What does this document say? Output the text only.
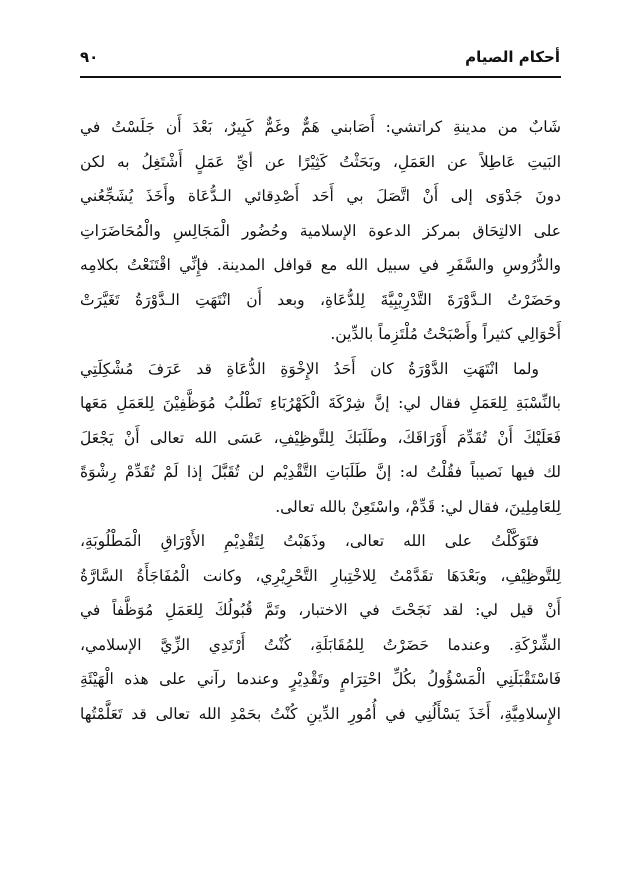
أحكام الصيام
٩٠
شَابٌ من مدينةِ كراتشي: أَصَابني هَمٌّ وغَمٌّ كَبِيرٌ، بَعْدَ أَن جَلَسْتُ في
البَيتِ عَاطِلاً عن العَمَلِ، وبَحَثْتُ كَثِيْرًا عن أيِّ عَمَلٍ أَشْتَغِلُ به لكن
دونَ جَدْوَى إلى أَنْ اتَّصَلَ بي أَحَد أَصْدِقائي الـدُّعَاة وأَخَذَ يُشَجِّعُني
على الالتِحَاق بمركز الدعوة الإسلامية وحُضُور الْمَجَالِسِ والْمُحَاضَرَاتِ
والدُّرُوسِ والسَّفَرِ في سبيل الله مع قوافل المدينة. فإِنِّي اقْتَنَعْتُ بكلامِه
وحَضَرْتُ الـدَّوْرَةَ التَّدْرِيْبِيَّةَ لِلدُّعَاةِ، وبعد أَن انْتَهَتِ الـدَّوْرَةُ تَغَيَّرَتْ
أَحْوَالِي كثيراً وأَصْبَحْتُ مُلْتَزِماً بالدِّين.
ولما انْتَهَتِ الدَّوْرَةُ كان أَحَدُ الإِخْوَةِ الدُّعَاةِ قد عَرَفَ مُشْكِلَتِي
بالنِّسْبَةِ لِلعَمَلِ فقال لي: إنَّ شِرْكَةَ الْكَهْرُبَاءِ تَطْلُبُ مُوَظَّفِيْنَ لِلعَمَلِ مَعَها
فَعَلَيْكَ أَنْ تُقَدِّمَ أَوْرَاقَكَ، وطَلَبَكَ لِلتَّوظِيْفِ، عَسَى الله تعالى أَنْ يَجْعَلَ
لك فيها نَصيباً فقُلْتُ له: إنَّ طَلَبَاتِ التَّقْدِيْم لن تُقَبَّلَ إذا لَمْ تُقَدِّمْ رِشْوَةً
لِلعَامِلِينَ، فقال لي: قَدِّمْ، واسْتَعِنْ بالله تعالى.
فتَوَكَّلْتُ على الله تعالى، وذَهَبْتُ لِتَقْدِيْمِ الأَوْرَاقِ الْمَطْلُوبَةِ،
لِلتَّوظِيْفِ، وبَعْدَهَا تقَدَّمْتُ لِلاخْتِبارِ التَّحْرِيْرِي، وكانت الْمُفَاجَأَةُ السَّارَّةُ
أَنْ قيل لي: لقد نَجَحْتَ في الاختبار، وتَمَّ قُبُولُكَ لِلعَمَلِ مُوَظَّفاً في
الشِّرْكَةِ. وعندما حَضَرْتُ لِلمُقَابَلَةِ، كُنْتُ أَرْتَدِي الزِّيَّ الإسلامي،
فَاسْتَقْبَلَنِي الْمَسْؤُولُ بكُلِّ احْتِرَامٍ وتَقْدِيْرٍ وعندما رآني على هذه الْهَيْئَةِ
الإِسلامِيَّةِ، أَخَذَ يَسْأَلُنِي في أُمُورِ الدِّينِ كُنْتُ بحَمْدِ الله تعالى قد تَعَلَّمْتُها
